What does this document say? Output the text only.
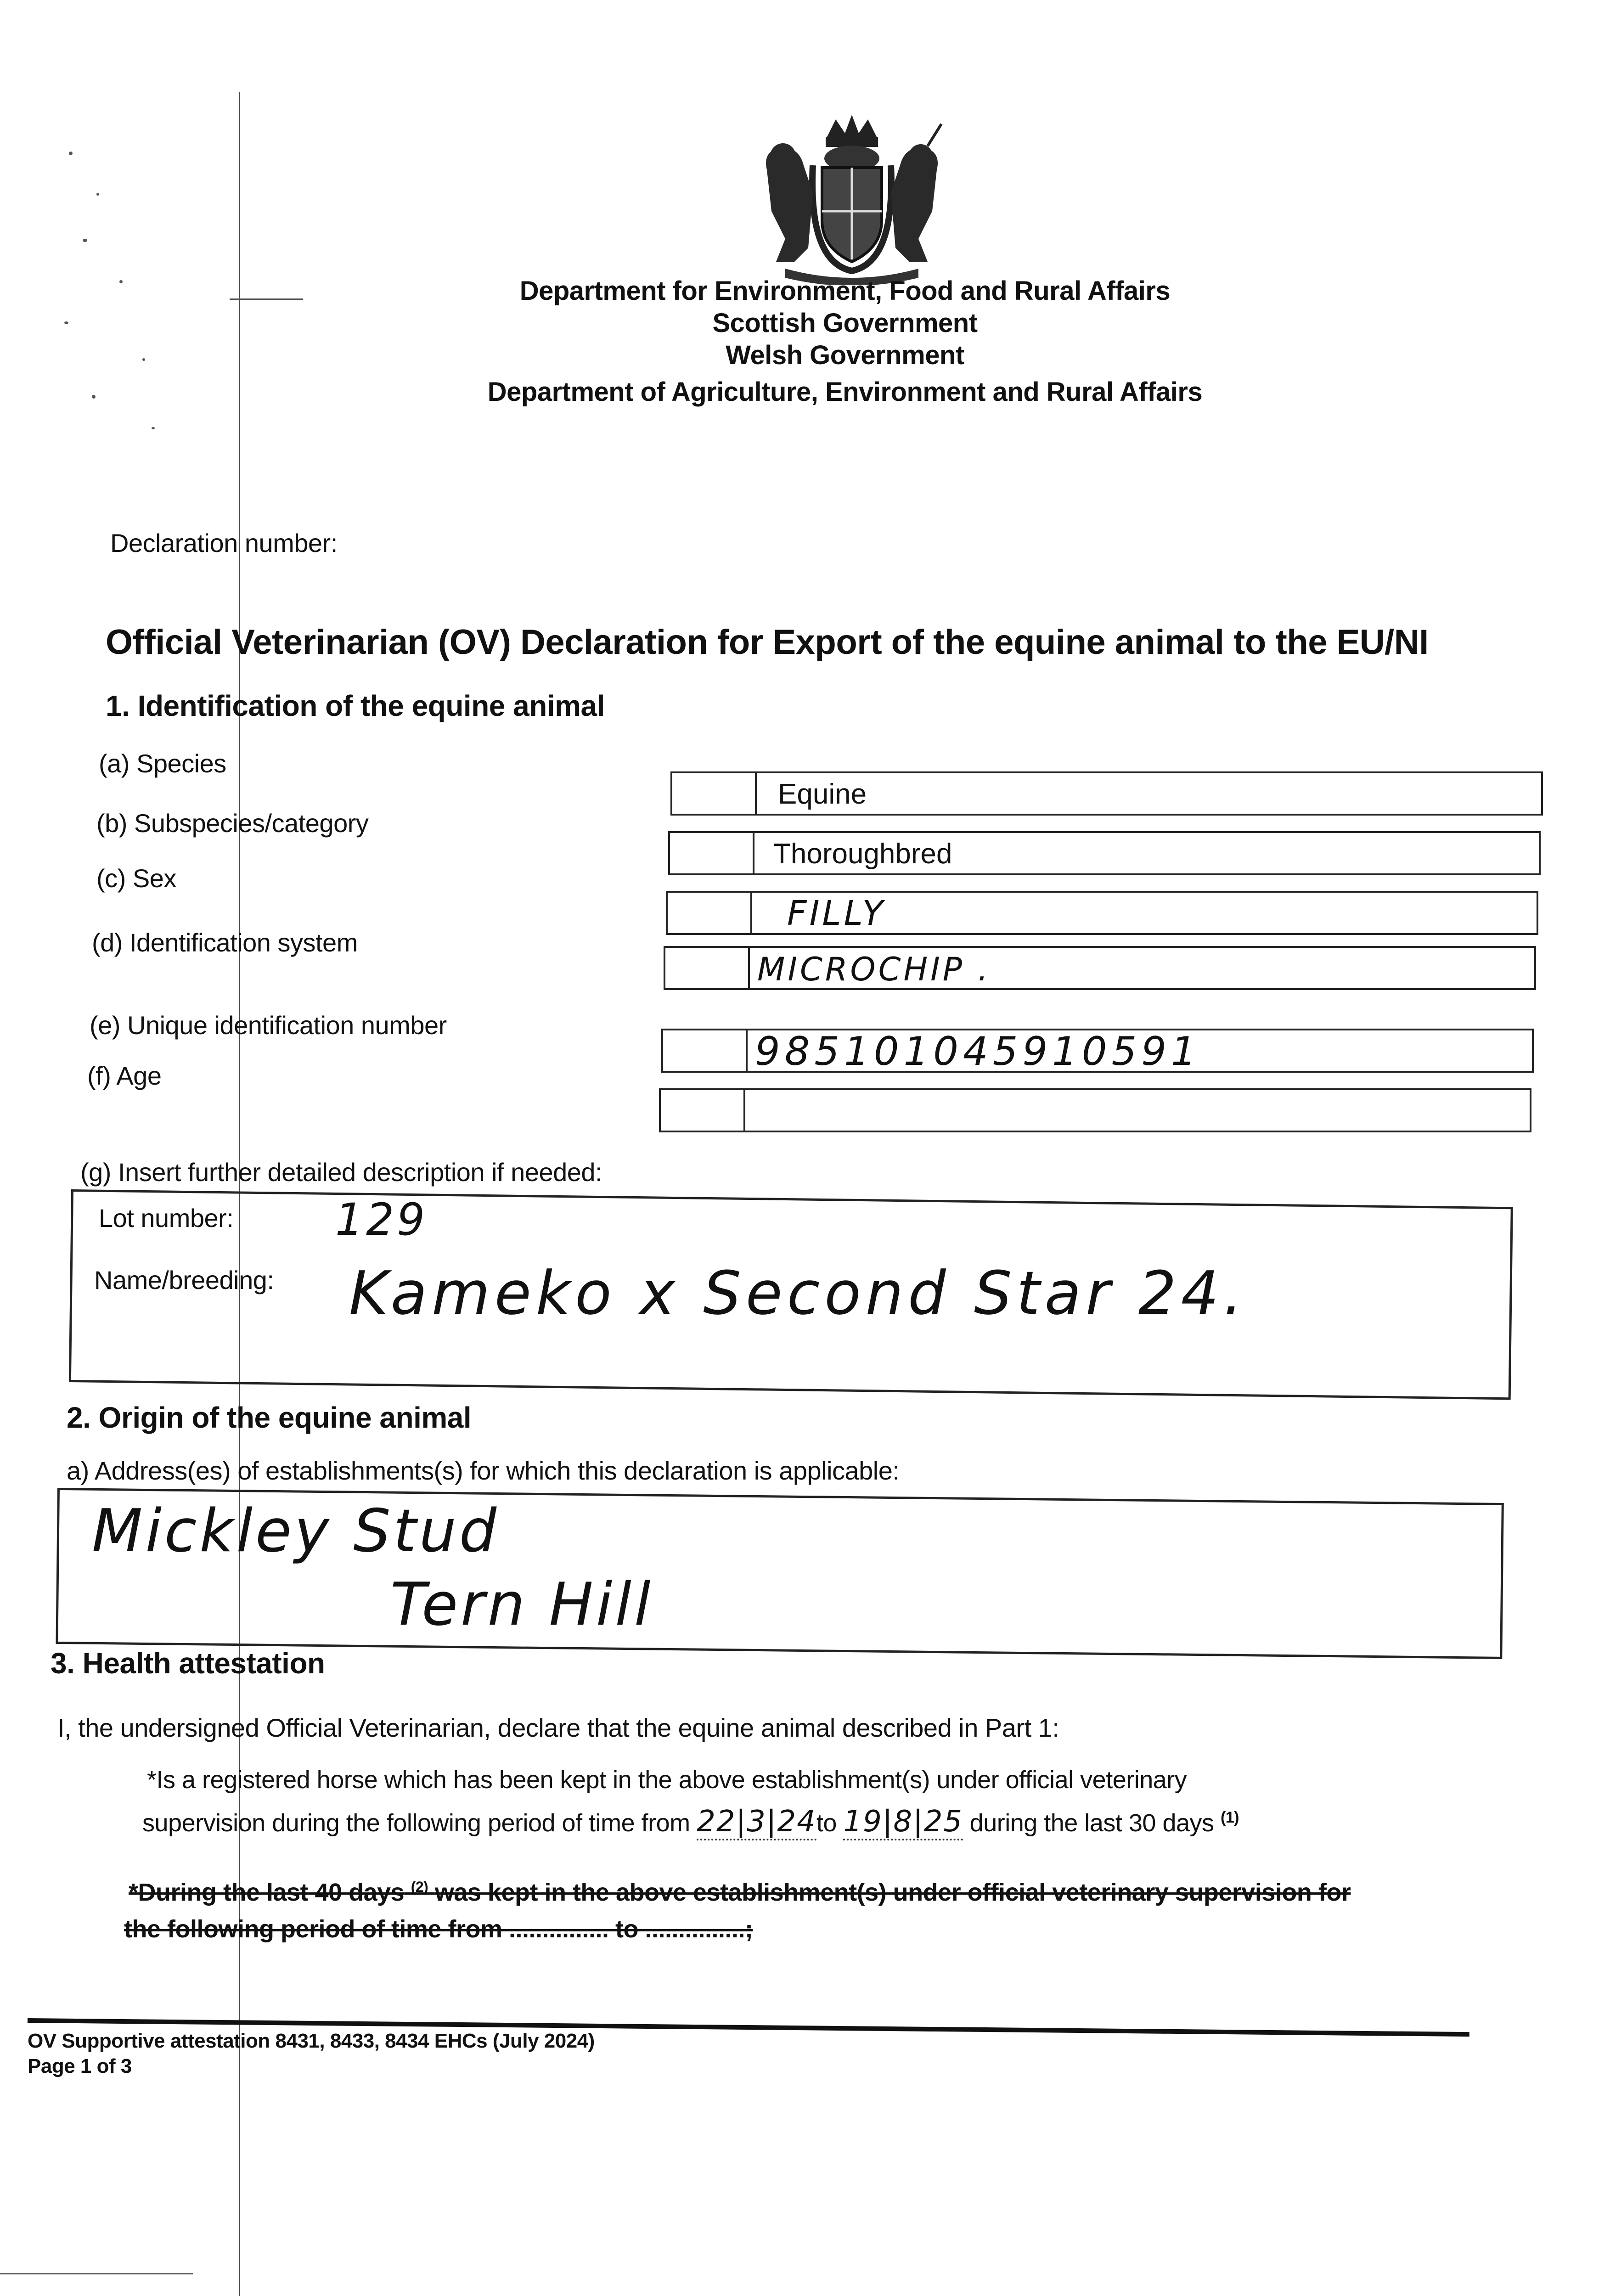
Department for Environment, Food and Rural Affairs
Scottish Government
Welsh Government
Department of Agriculture, Environment and Rural Affairs
Declaration number:
Official Veterinarian (OV) Declaration for Export of the equine animal to the EU/NI
1. Identification of the equine animal
(a) Species
(b) Subspecies/category
(c) Sex
(d) Identification system
(e) Unique identification number
(f) Age
Equine
Thoroughbred
FILLY
MICROCHIP .
985101045910591
(g) Insert further detailed description if needed:
Lot number: 129
Name/breeding: Kameko x Second Star 24.
2. Origin of the equine animal
a) Address(es) of establishments(s) for which this declaration is applicable:
Mickley Stud
Tern Hill
3. Health attestation
I, the undersigned Official Veterinarian, declare that the equine animal described in Part 1:
*Is a registered horse which has been kept in the above establishment(s) under official veterinary
supervision during the following period of time from 22|3|24to 19|8|25 during the last 30 days $^{(1)}$
*During the last 40 days $^{(2)}$ was kept in the above establishment(s) under official veterinary supervision for
the following period of time from ............... to ...............;
OV Supportive attestation 8431, 8433, 8434 EHCs (July 2024)
Page 1 of 3
